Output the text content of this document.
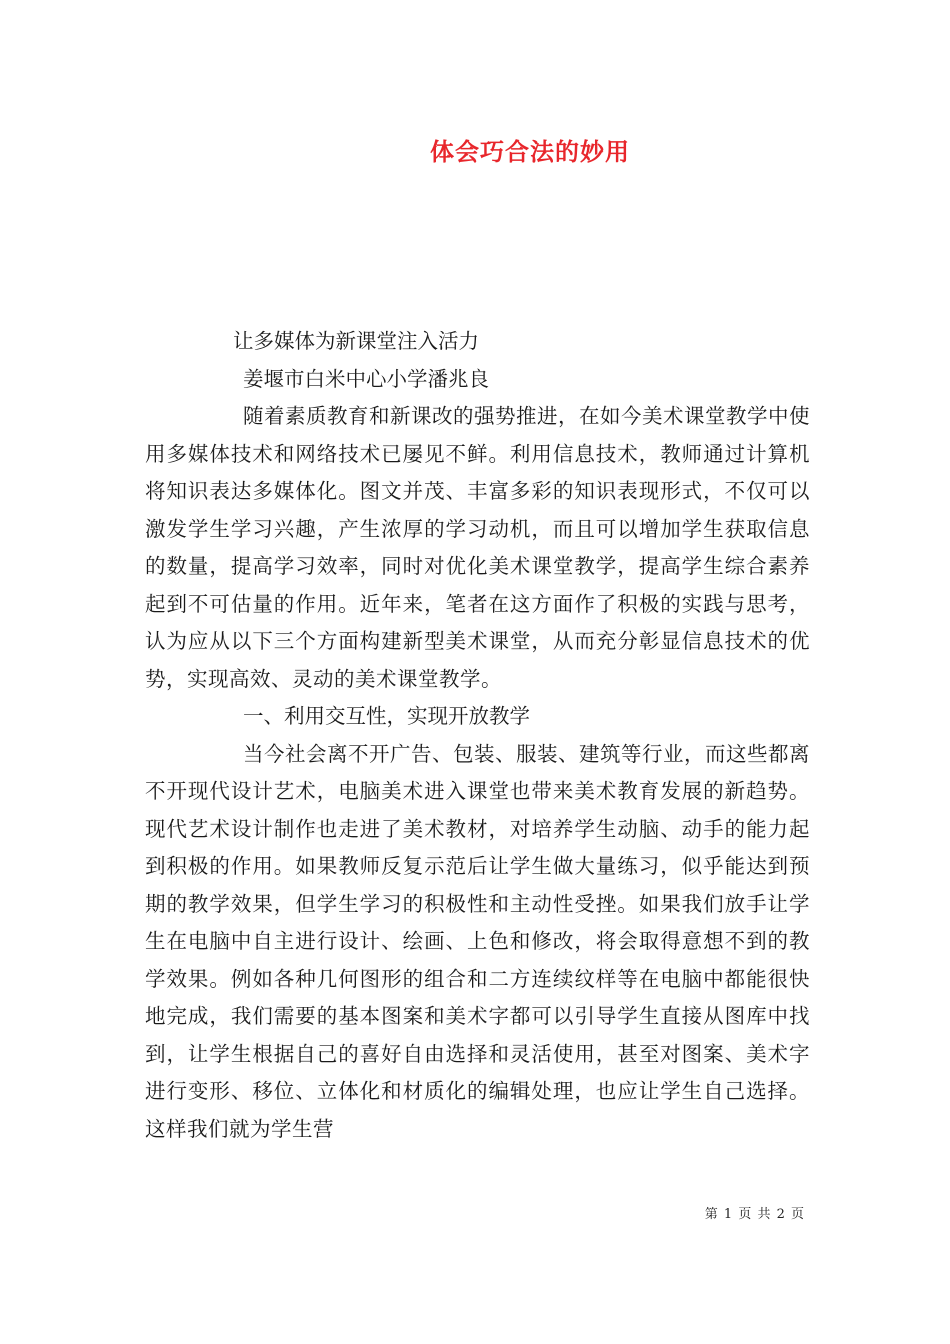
体会巧合法的妙用

让多媒体为新课堂注入活力

姜堰市白米中心小学潘兆良

随着素质教育和新课改的强势推进，在如今美术课堂教学中使用多媒体技术和网络技术已屡见不鲜。利用信息技术，教师通过计算机将知识表达多媒体化。图文并茂、丰富多彩的知识表现形式，不仅可以激发学生学习兴趣，产生浓厚的学习动机，而且可以增加学生获取信息的数量，提高学习效率，同时对优化美术课堂教学，提高学生综合素养起到不可估量的作用。近年来，笔者在这方面作了积极的实践与思考，认为应从以下三个方面构建新型美术课堂，从而充分彰显信息技术的优势，实现高效、灵动的美术课堂教学。

一、利用交互性，实现开放教学

当今社会离不开广告、包装、服装、建筑等行业，而这些都离不开现代设计艺术，电脑美术进入课堂也带来美术教育发展的新趋势。现代艺术设计制作也走进了美术教材，对培养学生动脑、动手的能力起到积极的作用。如果教师反复示范后让学生做大量练习，似乎能达到预期的教学效果，但学生学习的积极性和主动性受挫。如果我们放手让学生在电脑中自主进行设计、绘画、上色和修改，将会取得意想不到的教学效果。例如各种几何图形的组合和二方连续纹样等在电脑中都能很快地完成，我们需要的基本图案和美术字都可以引导学生直接从图库中找到，让学生根据自己的喜好自由选择和灵活使用，甚至对图案、美术字进行变形、移位、立体化和材质化的编辑处理，也应让学生自己选择。这样我们就为学生营

第 1 页 共 2 页
